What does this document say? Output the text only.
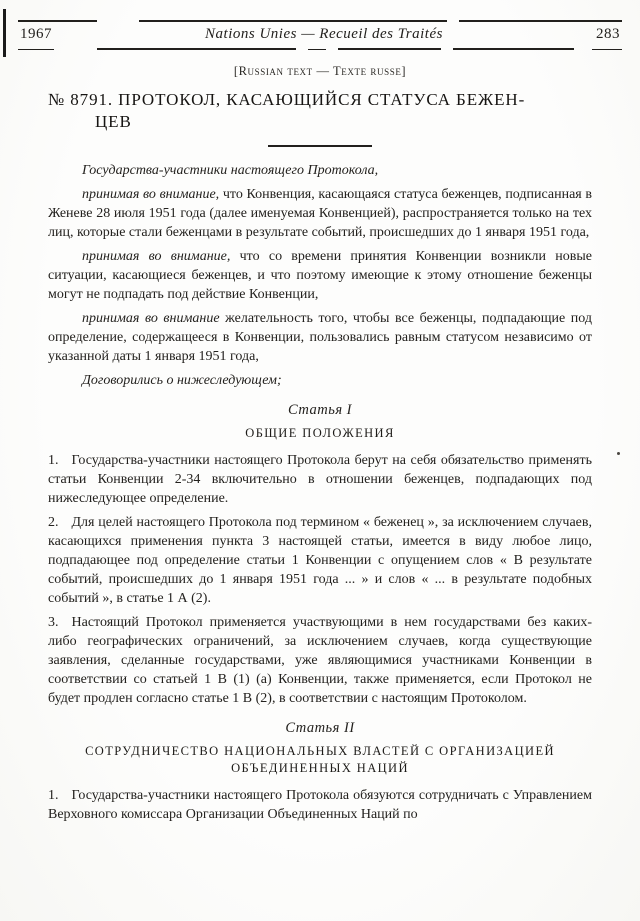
1967	Nations Unies — Recueil des Traités	283
[Russian text — Texte russe]
№ 8791. ПРОТОКОЛ, КАСАЮЩИЙСЯ СТАТУСА БЕЖЕН-
ЦЕВ

Государства-участники настоящего Протокола,

принимая во внимание, что Конвенция, касающаяся статуса беженцев, подписанная в Женеве 28 июля 1951 года (далее именуемая Конвенцией), распространяется только на тех лиц, которые стали беженцами в результате событий, происшедших до 1 января 1951 года,

принимая во внимание, что со времени принятия Конвенции возникли новые ситуации, касающиеся беженцев, и что поэтому имеющие к этому отношение беженцы могут не подпадать под действие Конвенции,

принимая во внимание желательность того, чтобы все беженцы, подпадающие под определение, содержащееся в Конвенции, пользовались равным статусом независимо от указанной даты 1 января 1951 года,

Договорились о нижеследующем;

Статья I
ОБЩИЕ ПОЛОЖЕНИЯ

1. Государства-участники настоящего Протокола берут на себя обязательство применять статьи Конвенции 2-34 включительно в отношении беженцев, подпадающих под нижеследующее определение.

2. Для целей настоящего Протокола под термином « беженец », за исключением случаев, касающихся применения пункта 3 настоящей статьи, имеется в виду любое лицо, подпадающее под определение статьи 1 Конвенции с опущением слов « В результате событий, происшедших до 1 января 1951 года ... » и слов « ... в результате подобных событий », в статье 1 А (2).

3. Настоящий Протокол применяется участвующими в нем государствами без каких-либо географических ограничений, за исключением случаев, когда существующие заявления, сделанные государствами, уже являющимися участниками Конвенции в соответствии со статьей 1 В (1) (а) Конвенции, также применяется, если Протокол не будет продлен согласно статье 1 В (2), в соответствии с настоящим Протоколом.

Статья II
СОТРУДНИЧЕСТВО НАЦИОНАЛЬНЫХ ВЛАСТЕЙ С ОРГАНИЗАЦИЕЙ
ОБЪЕДИНЕННЫХ НАЦИЙ

1. Государства-участники настоящего Протокола обязуются сотрудничать с Управлением Верховного комиссара Организации Объединенных Наций по
